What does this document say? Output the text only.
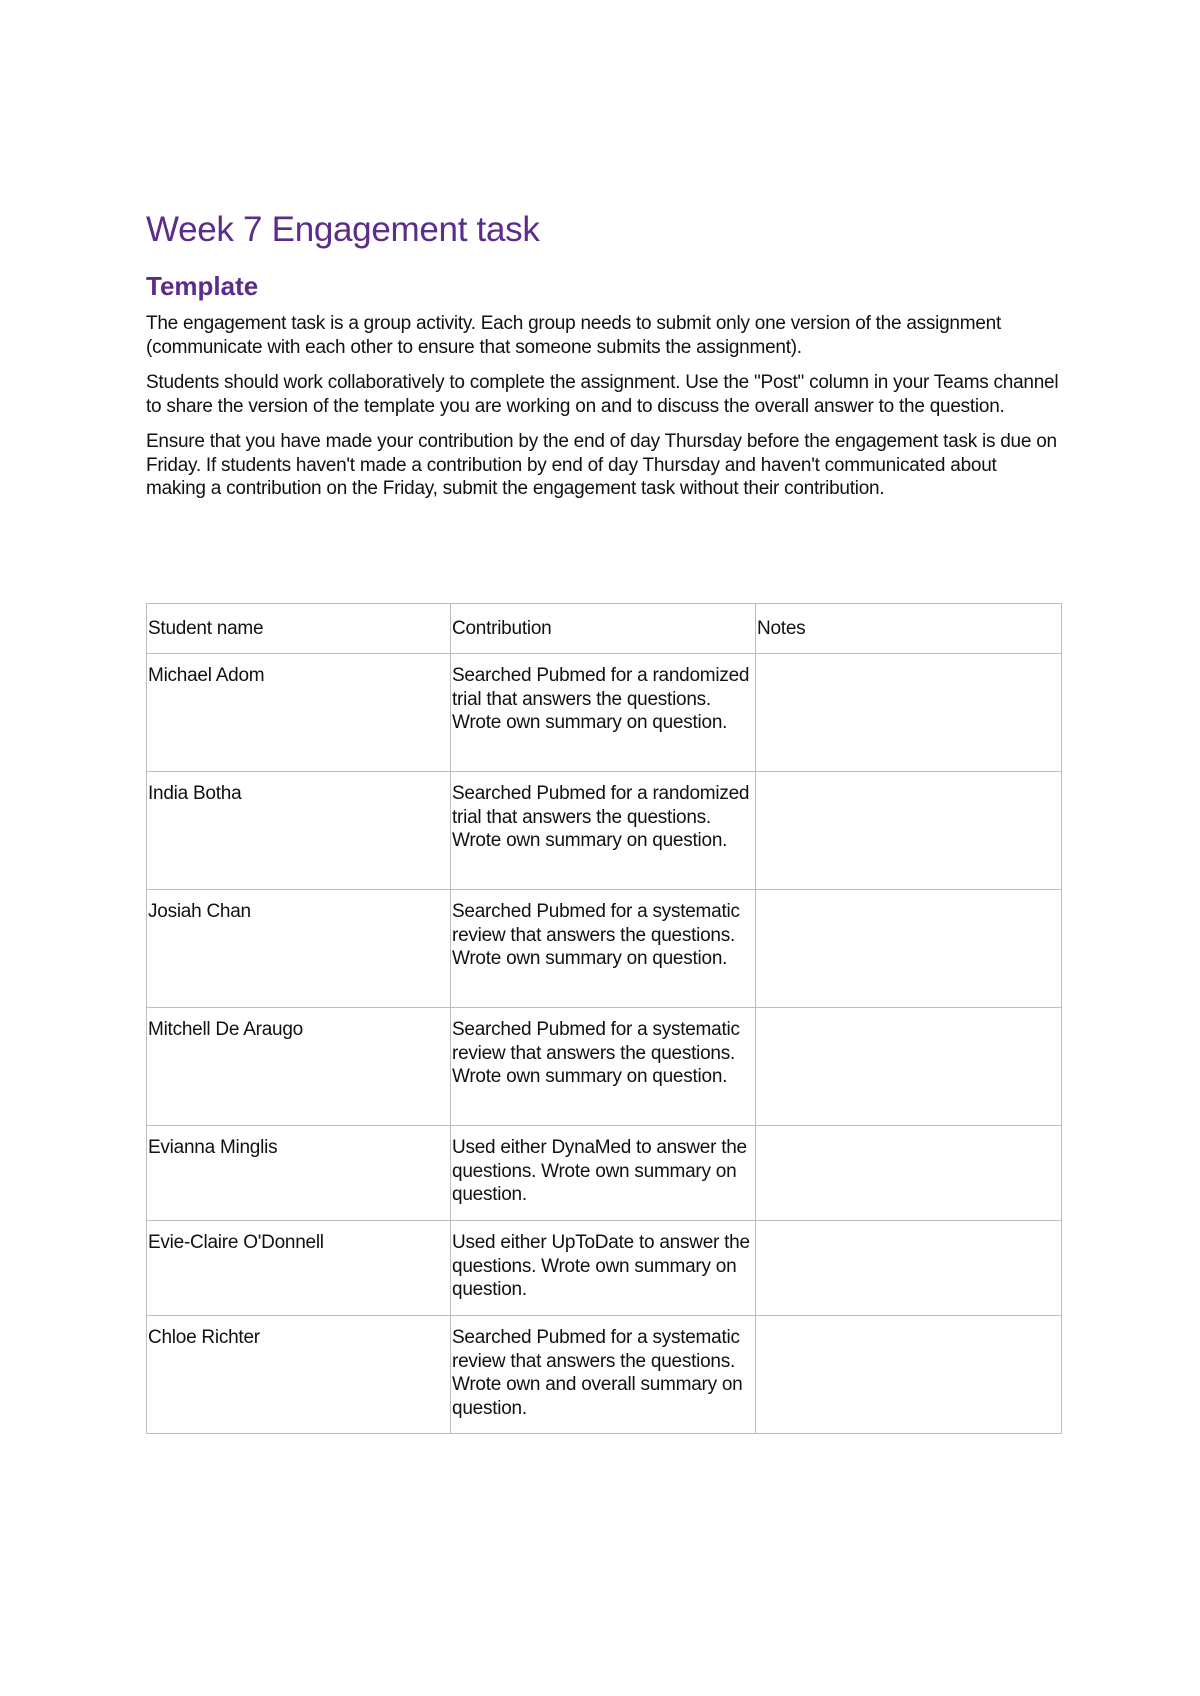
Week 7 Engagement task
Template

The engagement task is a group activity. Each group needs to submit only one version of the assignment (communicate with each other to ensure that someone submits the assignment).

Students should work collaboratively to complete the assignment. Use the "Post" column in your Teams channel to share the version of the template you are working on and to discuss the overall answer to the question.

Ensure that you have made your contribution by the end of day Thursday before the engagement task is due on Friday. If students haven't made a contribution by end of day Thursday and haven't communicated about making a contribution on the Friday, submit the engagement task without their contribution.

Student name	Contribution	Notes
Michael Adom	Searched Pubmed for a randomized trial that answers the questions. Wrote own summary on question.	
India Botha	Searched Pubmed for a randomized trial that answers the questions. Wrote own summary on question.	
Josiah Chan	Searched Pubmed for a systematic review that answers the questions. Wrote own summary on question.	
Mitchell De Araugo	Searched Pubmed for a systematic review that answers the questions. Wrote own summary on question.	
Evianna Minglis	Used either DynaMed to answer the questions. Wrote own summary on question.	
Evie-Claire O'Donnell	Used either UpToDate to answer the questions. Wrote own summary on question.	
Chloe Richter	Searched Pubmed for a systematic review that answers the questions. Wrote own and overall summary on question.	
